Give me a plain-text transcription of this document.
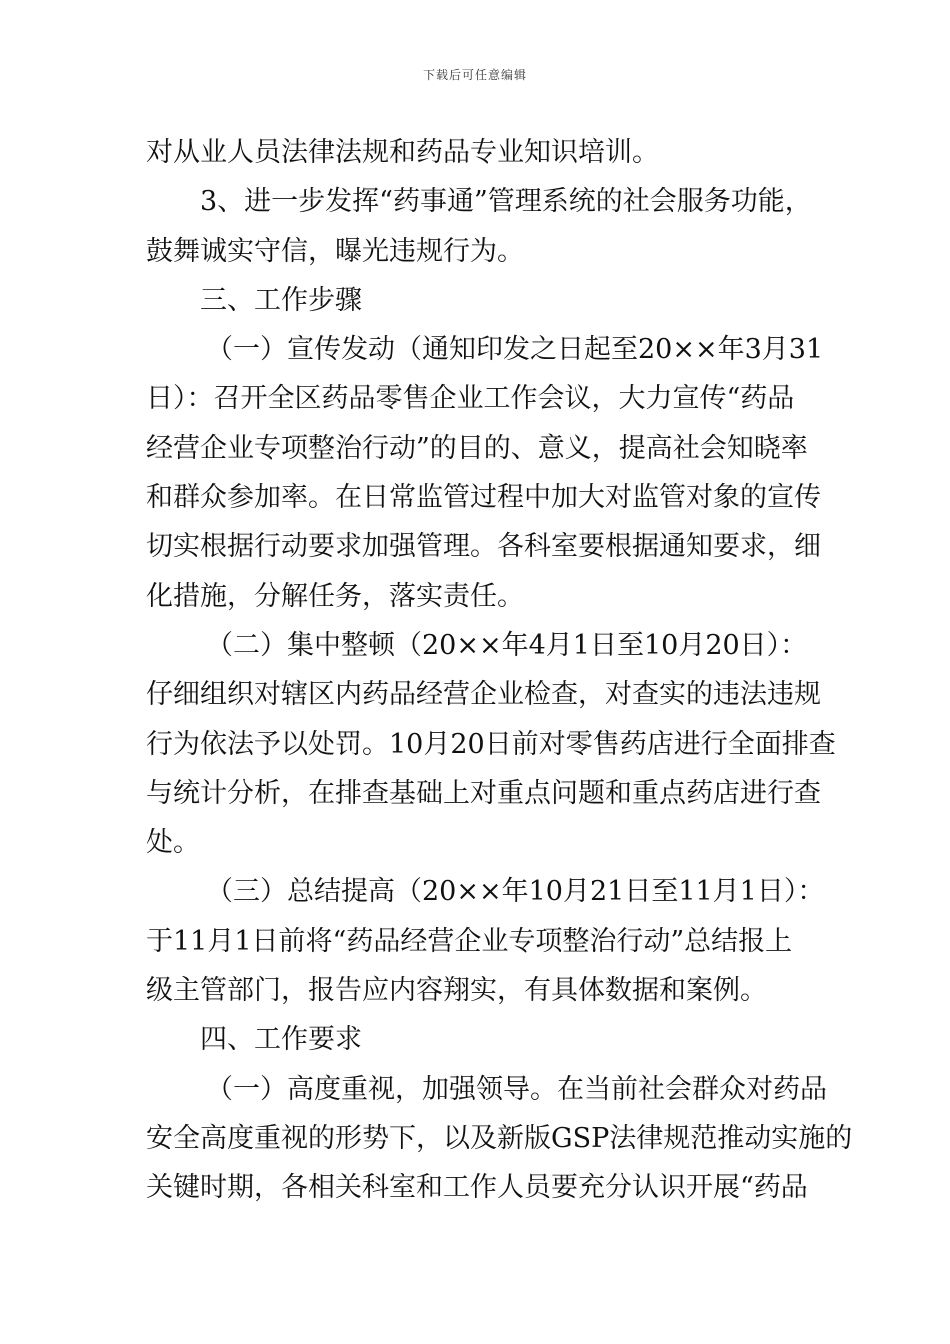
下载后可任意编辑
对从业人员法律法规和药品专业知识培训。
3、进一步发挥“药事通”管理系统的社会服务功能，
鼓舞诚实守信，曝光违规行为。
三、工作步骤
（一）宣传发动（通知印发之日起至20××年3月31
日）：召开全区药品零售企业工作会议，大力宣传“药品
经营企业专项整治行动”的目的、意义，提高社会知晓率
和群众参加率。在日常监管过程中加大对监管对象的宣传
切实根据行动要求加强管理。各科室要根据通知要求，细
化措施，分解任务，落实责任。
（二）集中整顿（20××年4月1日至10月20日）：
仔细组织对辖区内药品经营企业检查，对查实的违法违规
行为依法予以处罚。10月20日前对零售药店进行全面排查
与统计分析，在排查基础上对重点问题和重点药店进行查
处。
（三）总结提高（20××年10月21日至11月1日）：
于11月1日前将“药品经营企业专项整治行动”总结报上
级主管部门，报告应内容翔实，有具体数据和案例。
四、工作要求
（一）高度重视，加强领导。在当前社会群众对药品
安全高度重视的形势下，以及新版GSP法律规范推动实施的
关键时期，各相关科室和工作人员要充分认识开展“药品
